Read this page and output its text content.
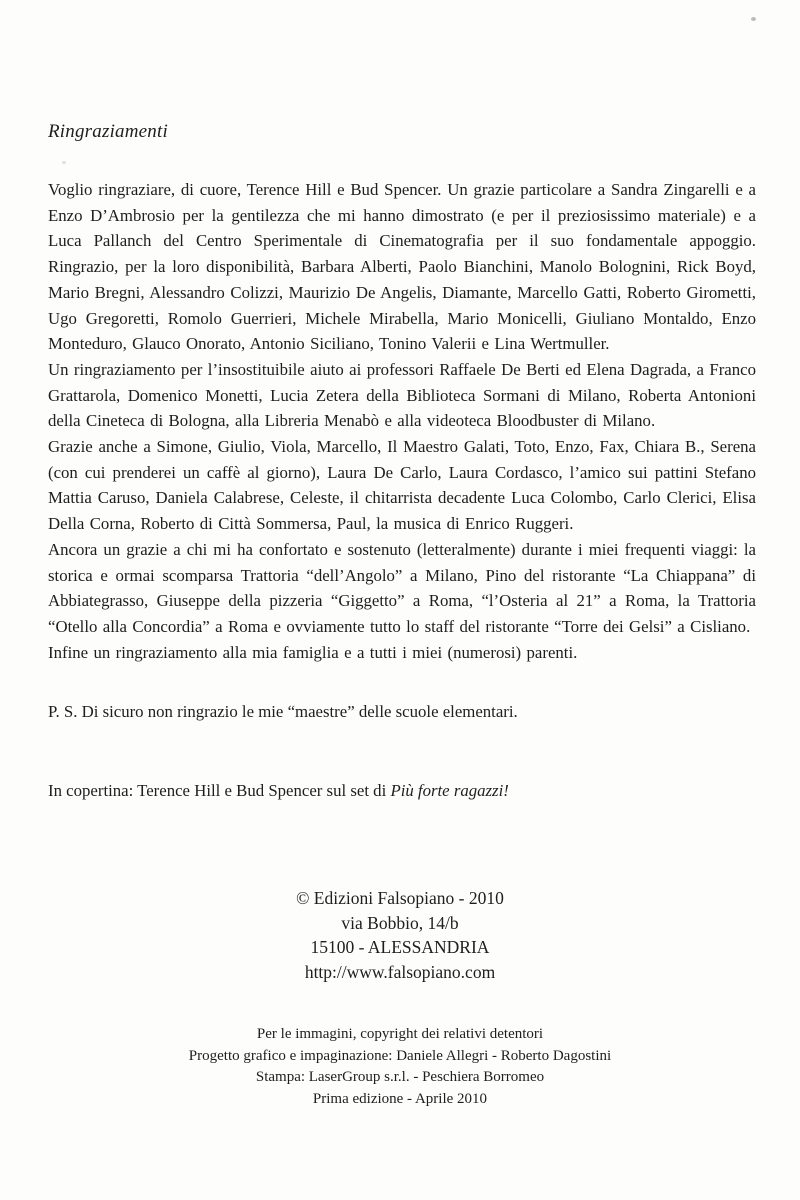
Ringraziamenti

Voglio ringraziare, di cuore, Terence Hill e Bud Spencer. Un grazie particolare a Sandra Zingarelli e a Enzo D’Ambrosio per la gentilezza che mi hanno dimostrato (e per il preziosissimo materiale) e a Luca Pallanch del Centro Sperimentale di Cinematografia per il suo fondamentale appoggio. Ringrazio, per la loro disponibilità, Barbara Alberti, Paolo Bianchini, Manolo Bolognini, Rick Boyd, Mario Bregni, Alessandro Colizzi, Maurizio De Angelis, Diamante, Marcello Gatti, Roberto Girometti, Ugo Gregoretti, Romolo Guerrieri, Michele Mirabella, Mario Monicelli, Giuliano Montaldo, Enzo Monteduro, Glauco Onorato, Antonio Siciliano, Tonino Valerii e Lina Wertmuller.

Un ringraziamento per l’insostituibile aiuto ai professori Raffaele De Berti ed Elena Dagrada, a Franco Grattarola, Domenico Monetti, Lucia Zetera della Biblioteca Sormani di Milano, Roberta Antonioni della Cineteca di Bologna, alla Libreria Menabò e alla videoteca Bloodbuster di Milano.

Grazie anche a Simone, Giulio, Viola, Marcello, Il Maestro Galati, Toto, Enzo, Fax, Chiara B., Serena (con cui prenderei un caffè al giorno), Laura De Carlo, Laura Cordasco, l’amico sui pattini Stefano Mattia Caruso, Daniela Calabrese, Celeste, il chitarrista decadente Luca Colombo, Carlo Clerici, Elisa Della Corna, Roberto di Città Sommersa, Paul, la musica di Enrico Ruggeri.

Ancora un grazie a chi mi ha confortato e sostenuto (letteralmente) durante i miei frequenti viaggi: la storica e ormai scomparsa Trattoria “dell’Angolo” a Milano, Pino del ristorante “La Chiappana” di Abbiategrasso, Giuseppe della pizzeria “Giggetto” a Roma, “l’Osteria al 21” a Roma, la Trattoria “Otello alla Concordia” a Roma e ovviamente tutto lo staff del ristorante “Torre dei Gelsi” a Cisliano.

Infine un ringraziamento alla mia famiglia e a tutti i miei (numerosi) parenti.

P. S. Di sicuro non ringrazio le mie “maestre” delle scuole elementari.
In copertina: Terence Hill e Bud Spencer sul set di Più forte ragazzi!
© Edizioni Falsopiano - 2010
via Bobbio, 14/b
15100 - ALESSANDRIA
http://www.falsopiano.com
Per le immagini, copyright dei relativi detentori
Progetto grafico e impaginazione: Daniele Allegri - Roberto Dagostini
Stampa: LaserGroup s.r.l. - Peschiera Borromeo
Prima edizione - Aprile 2010
